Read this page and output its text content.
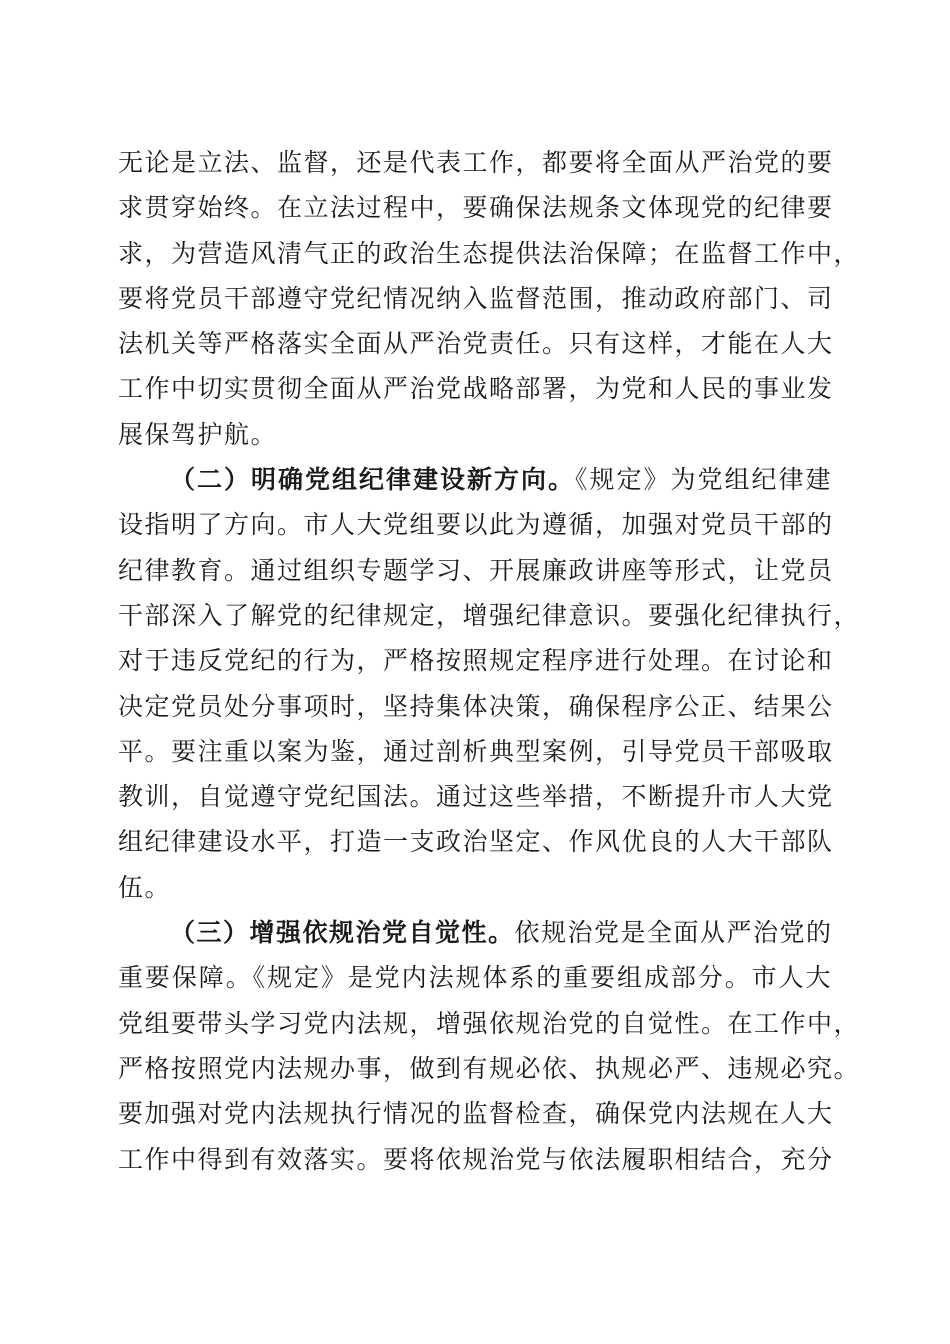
无论是立法、监督，还是代表工作，都要将全面从严治党的要
求贯穿始终。在立法过程中，要确保法规条文体现党的纪律要
求，为营造风清气正的政治生态提供法治保障；在监督工作中，
要将党员干部遵守党纪情况纳入监督范围，推动政府部门、司
法机关等严格落实全面从严治党责任。只有这样，才能在人大
工作中切实贯彻全面从严治党战略部署，为党和人民的事业发
展保驾护航。
（二）明确党组纪律建设新方向。《规定》为党组纪律建
设指明了方向。市人大党组要以此为遵循，加强对党员干部的
纪律教育。通过组织专题学习、开展廉政讲座等形式，让党员
干部深入了解党的纪律规定，增强纪律意识。要强化纪律执行，
对于违反党纪的行为，严格按照规定程序进行处理。在讨论和
决定党员处分事项时，坚持集体决策，确保程序公正、结果公
平。要注重以案为鉴，通过剖析典型案例，引导党员干部吸取
教训，自觉遵守党纪国法。通过这些举措，不断提升市人大党
组纪律建设水平，打造一支政治坚定、作风优良的人大干部队
伍。
（三）增强依规治党自觉性。依规治党是全面从严治党的
重要保障。《规定》是党内法规体系的重要组成部分。市人大
党组要带头学习党内法规，增强依规治党的自觉性。在工作中，
严格按照党内法规办事，做到有规必依、执规必严、违规必究。
要加强对党内法规执行情况的监督检查，确保党内法规在人大
工作中得到有效落实。要将依规治党与依法履职相结合，充分
